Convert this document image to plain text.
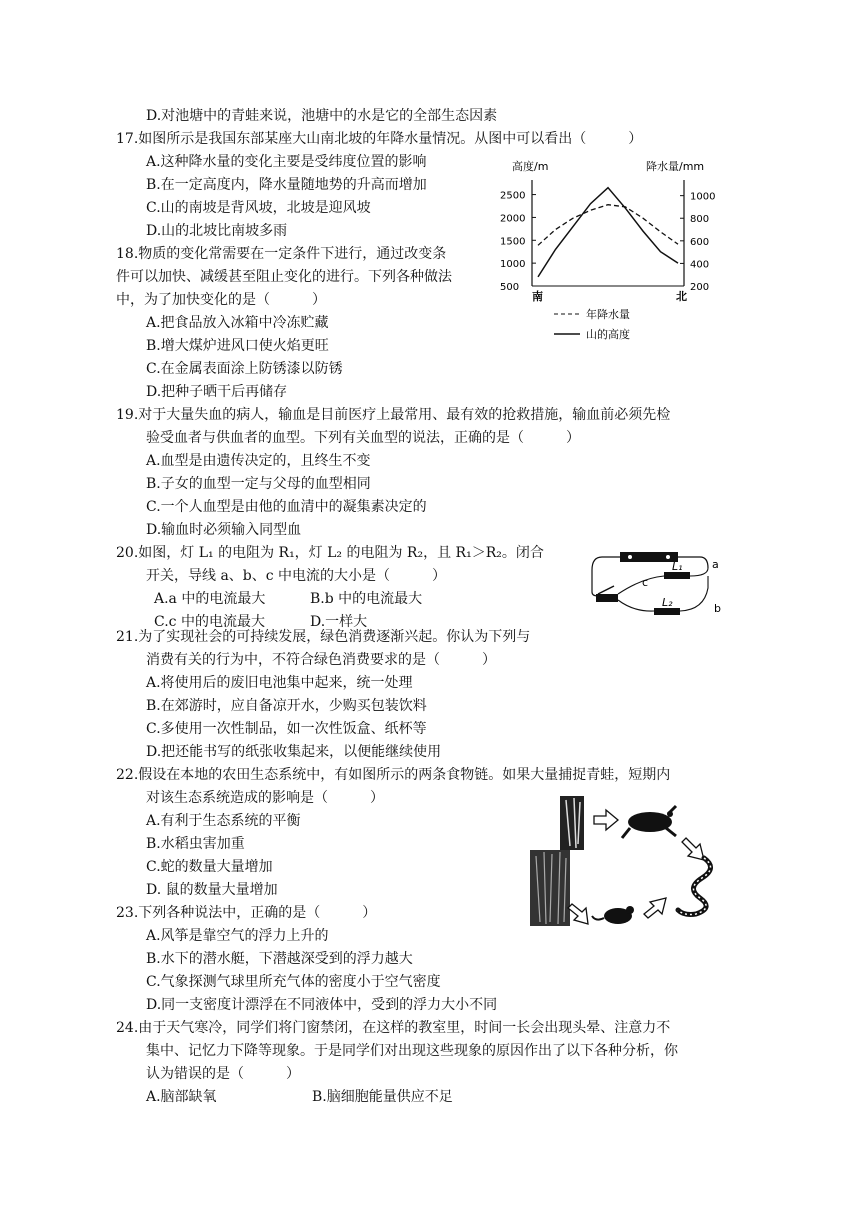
D.对池塘中的青蛙来说，池塘中的水是它的全部生态因素
17.如图所示是我国东部某座大山南北坡的年降水量情况。从图中可以看出（　　　）
A.这种降水量的变化主要是受纬度位置的影响
B.在一定高度内，降水量随地势的升高而增加
C.山的南坡是背风坡，北坡是迎风坡
D.山的北坡比南坡多雨
高度/m	降水量/mm
2500
2000
1500
1000
500
1000
800
600
400
200
南	北
年降水量
山的高度
18.物质的变化常需要在一定条件下进行，通过改变条
件可以加快、减缓甚至阻止变化的进行。下列各种做法
中，为了加快变化的是（　　　）
A.把食品放入冰箱中冷冻贮藏
B.增大煤炉进风口使火焰更旺
C.在金属表面涂上防锈漆以防锈
D.把种子晒干后再储存
19.对于大量失血的病人，输血是目前医疗上最常用、最有效的抢救措施，输血前必须先检
验受血者与供血者的血型。下列有关血型的说法，正确的是（　　　）
A.血型是由遗传决定的，且终生不变
B.子女的血型一定与父母的血型相同
C.一个人血型是由他的血清中的凝集素决定的
D.输血时必须输入同型血
20.如图，灯 L₁ 的电阻为 R₁，灯 L₂ 的电阻为 R₂，且 R₁＞R₂。闭合
开关，导线 a、b、c 中电流的大小是（　　　）
A.a 中的电流最大	B.b 中的电流最大
C.c 中的电流最大	D.一样大
L₁
L₂
a
b
c
21.为了实现社会的可持续发展，绿色消费逐渐兴起。你认为下列与
消费有关的行为中，不符合绿色消费要求的是（　　　）
A.将使用后的废旧电池集中起来，统一处理
B.在郊游时，应自备凉开水，少购买包装饮料
C.多使用一次性制品，如一次性饭盒、纸杯等
D.把还能书写的纸张收集起来，以便能继续使用
22.假设在本地的农田生态系统中，有如图所示的两条食物链。如果大量捕捉青蛙，短期内
对该生态系统造成的影响是（　　　）
A.有利于生态系统的平衡
B.水稻虫害加重
C.蛇的数量大量增加
D. 鼠的数量大量增加
23.下列各种说法中，正确的是（　　　）
A.风筝是靠空气的浮力上升的
B.水下的潜水艇，下潜越深受到的浮力越大
C.气象探测气球里所充气体的密度小于空气密度
D.同一支密度计漂浮在不同液体中，受到的浮力大小不同
24.由于天气寒冷，同学们将门窗禁闭，在这样的教室里，时间一长会出现头晕、注意力不
集中、记忆力下降等现象。于是同学们对出现这些现象的原因作出了以下各种分析，你
认为错误的是（　　　）
A.脑部缺氧	B.脑细胞能量供应不足
